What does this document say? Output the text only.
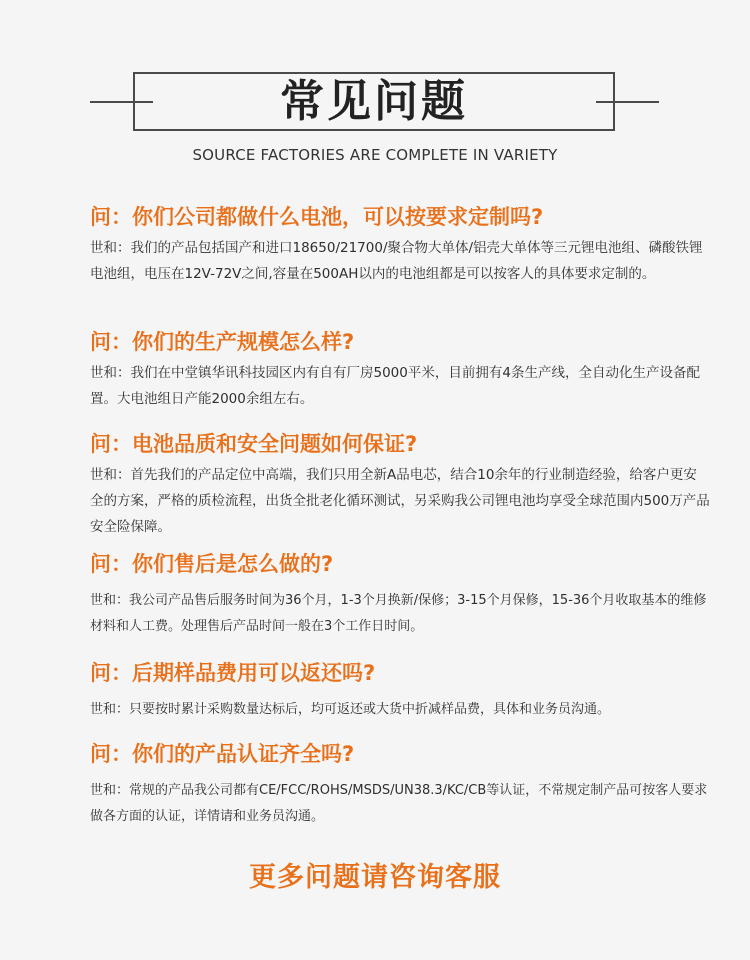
常见问题
SOURCE FACTORIES ARE COMPLETE IN VARIETY
问：你们公司都做什么电池，可以按要求定制吗?
世和：我们的产品包括国产和进口18650/21700/聚合物大单体/铝壳大单体等三元锂电池组、磷酸铁锂电池组，电压在12V-72V之间,容量在500AH以内的电池组都是可以按客人的具体要求定制的。
问：你们的生产规模怎么样?
世和：我们在中堂镇华讯科技园区内有自有厂房5000平米，目前拥有4条生产线，全自动化生产设备配置。大电池组日产能2000余组左右。
问：电池品质和安全问题如何保证?
世和：首先我们的产品定位中高端，我们只用全新A品电芯，结合10余年的行业制造经验，给客户更安全的方案，严格的质检流程，出货全批老化循环测试，另采购我公司锂电池均享受全球范围内500万产品安全险保障。
问：你们售后是怎么做的?
世和：我公司产品售后服务时间为36个月，1-3个月换新/保修；3-15个月保修，15-36个月收取基本的维修材料和人工费。处理售后产品时间一般在3个工作日时间。
问：后期样品费用可以返还吗?
世和：只要按时累计采购数量达标后，均可返还或大货中折减样品费，具体和业务员沟通。
问：你们的产品认证齐全吗?
世和：常规的产品我公司都有CE/FCC/ROHS/MSDS/UN38.3/KC/CB等认证，不常规定制产品可按客人要求做各方面的认证，详情请和业务员沟通。
更多问题请咨询客服
